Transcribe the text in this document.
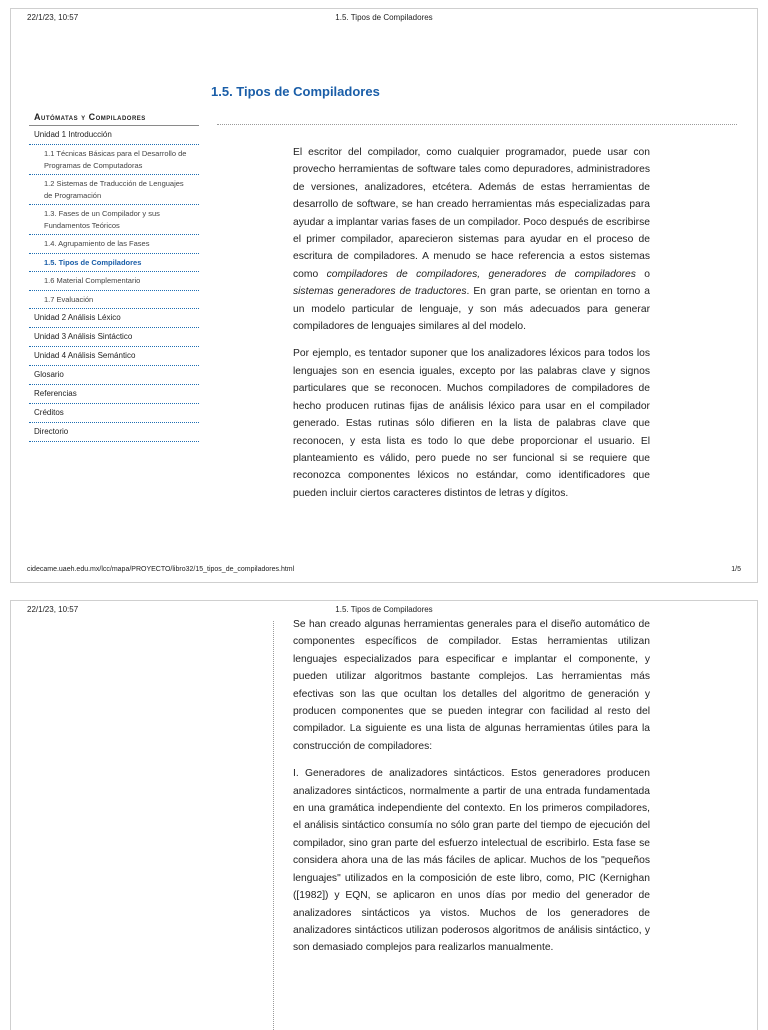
22/1/23, 10:57	1.5. Tipos de Compiladores
1.5. Tipos de Compiladores
Autómatas y Compiladores
Unidad 1 Introducción
1.1 Técnicas Básicas para el Desarrollo de Programas de Computadoras
1.2 Sistemas de Traducción de Lenguajes de Programación
1.3. Fases de un Compilador y sus Fundamentos Teóricos
1.4. Agrupamiento de las Fases
1.5. Tipos de Compiladores
1.6 Material Complementario
1.7 Evaluación
Unidad 2 Análisis Léxico
Unidad 3 Análisis Sintáctico
Unidad 4 Análisis Semántico
Glosario
Referencias
Créditos
Directorio

El escritor del compilador, como cualquier programador, puede usar con provecho herramientas de software tales como depuradores, administradores de versiones, analizadores, etcétera. Además de estas herramientas de desarrollo de software, se han creado herramientas más especializadas para ayudar a implantar varias fases de un compilador. Poco después de escribirse el primer compilador, aparecieron sistemas para ayudar en el proceso de escritura de compiladores. A menudo se hace referencia a estos sistemas como compiladores de compiladores, generadores de compiladores o sistemas generadores de traductores. En gran parte, se orientan en torno a un modelo particular de lenguaje, y son más adecuados para generar compiladores de lenguajes similares al del modelo.

Por ejemplo, es tentador suponer que los analizadores léxicos para todos los lenguajes son en esencia iguales, excepto por las palabras clave y signos particulares que se reconocen. Muchos compiladores de compiladores de hecho producen rutinas fijas de análisis léxico para usar en el compilador generado. Estas rutinas sólo difieren en la lista de palabras clave que reconocen, y esta lista es todo lo que debe proporcionar el usuario. El planteamiento es válido, pero puede no ser funcional si se requiere que reconozca componentes léxicos no estándar, como identificadores que pueden incluir ciertos caracteres distintos de letras y dígitos.

cidecame.uaeh.edu.mx/lcc/mapa/PROYECTO/libro32/15_tipos_de_compiladores.html	1/5
22/1/23, 10:57	1.5. Tipos de Compiladores

Se han creado algunas herramientas generales para el diseño automático de componentes específicos de compilador. Estas herramientas utilizan lenguajes especializados para especificar e implantar el componente, y pueden utilizar algoritmos bastante complejos. Las herramientas más efectivas son las que ocultan los detalles del algoritmo de generación y producen componentes que se pueden integrar con facilidad al resto del compilador. La siguiente es una lista de algunas herramientas útiles para la construcción de compiladores:

I. Generadores de analizadores sintácticos. Estos generadores producen analizadores sintácticos, normalmente a partir de una entrada fundamentada en una gramática independiente del contexto. En los primeros compiladores, el análisis sintáctico consumía no sólo gran parte del tiempo de ejecución del compilador, sino gran parte del esfuerzo intelectual de escribirlo. Esta fase se considera ahora una de las más fáciles de aplicar. Muchos de los "pequeños lenguajes" utilizados en la composición de este libro, como, PIC (Kernighan ([1982]) y EQN, se aplicaron en unos días por medio del generador de analizadores sintácticos ya vistos. Muchos de los generadores de analizadores sintácticos utilizan poderosos algoritmos de análisis sintáctico, y son demasiado complejos para realizarlos manualmente.
